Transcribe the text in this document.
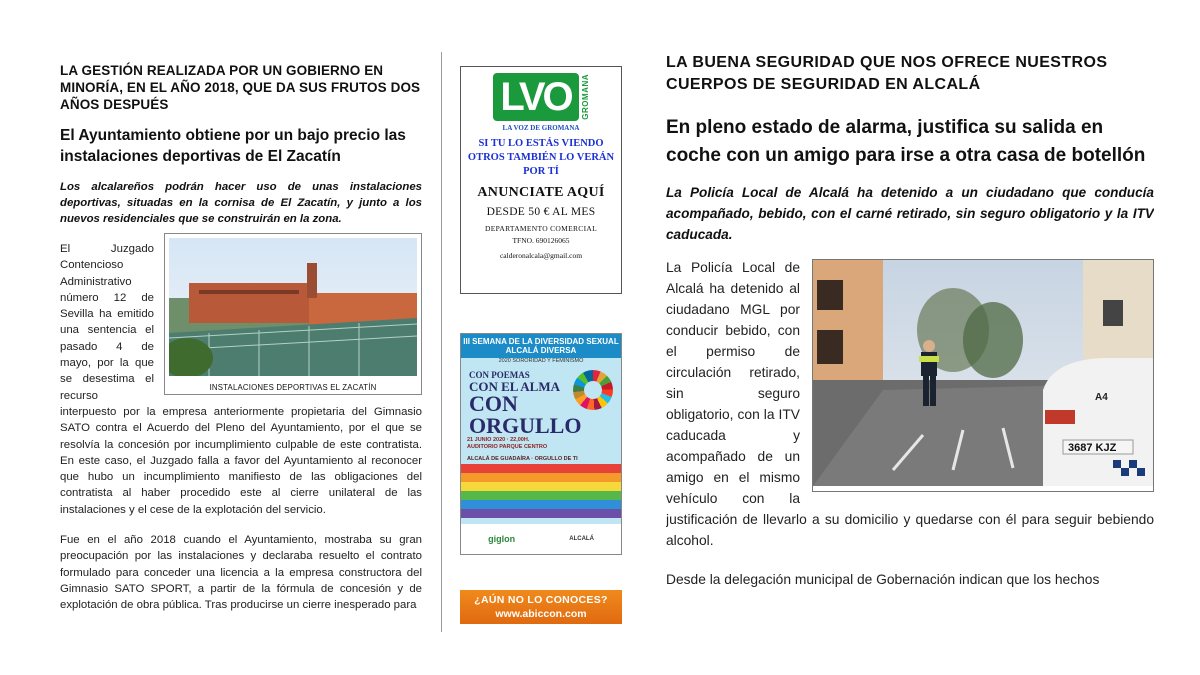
LA GESTIÓN REALIZADA POR UN GOBIERNO EN MINORÍA, EN EL AÑO 2018, QUE DA SUS FRUTOS DOS AÑOS DESPUÉS
El Ayuntamiento obtiene por un bajo precio las instalaciones deportivas de El Zacatín
Los alcalareños podrán hacer uso de unas instalaciones deportivas, situadas en la cornisa de El Zacatín, y junto a los nuevos residenciales que se construirán en la zona.
INSTALACIONES DEPORTIVAS EL ZACATÍN
El Juzgado Contencioso Administrativo número 12 de Sevilla ha emitido una sentencia el pasado 4 de mayo, por la que se desestima el recurso interpuesto por la empresa anteriormente propietaria del Gimnasio SATO contra el Acuerdo del Pleno del Ayuntamiento, por el que se resolvía la concesión por incumplimiento culpable de este contratista. En este caso, el Juzgado falla a favor del Ayuntamiento al reconocer que hubo un incumplimiento manifiesto de las obligaciones del contratista al haber procedido este al cierre unilateral de las instalaciones y el cese de la explotación del servicio.
Fue en el año 2018 cuando el Ayuntamiento, mostraba su gran preocupación por las instalaciones y declaraba resuelto el contrato formulado para conceder una licencia a la empresa constructora del Gimnasio SATO SPORT, a partir de la fórmula de concesión y de explotación de obra pública. Tras producirse un cierre inesperado para
LVO	GROMANA
LA VOZ DE GROMANA
SI TU LO ESTÁS VIENDO OTROS TAMBIÉN LO VERÁN POR TÍ
ANUNCIATE AQUÍ
DESDE 50 € AL MES
DEPARTAMENTO COMERCIAL
TFNO. 690126065
calderonalcala@gmail.com
III SEMANA DE LA DIVERSIDAD SEXUAL ALCALÁ DIVERSA
2020 SORORIDAD Y FEMINISMO
CON POEMAS
CON EL ALMA
CON ORGULLO
21 JUNIO 2020 · 22,00H.
AUDITORIO PARQUE CENTRO
ALCALÁ DE GUADAÍRA · ORGULLO DE TI
giglon	ALCALÁ
¿AÚN NO LO CONOCES?
www.abiccon.com
LA BUENA SEGURIDAD QUE NOS OFRECE NUESTROS CUERPOS DE SEGURIDAD EN ALCALÁ
En pleno estado de alarma, justifica su salida en coche con un amigo para irse a otra casa de botellón
La Policía Local de Alcalá ha detenido a un ciudadano que conducía acompañado, bebido, con el carné retirado, sin seguro obligatorio y la ITV caducada.
3687 KJZ
A4
La Policía Local de Alcalá ha detenido al ciudadano MGL por conducir bebido, con el permiso de circulación retirado, sin seguro obligatorio, con la ITV caducada y acompañado de un amigo en el mismo vehículo con la justificación de llevarlo a su domicilio y quedarse con él para seguir bebiendo alcohol.
Desde la delegación municipal de Gobernación indican que los hechos
